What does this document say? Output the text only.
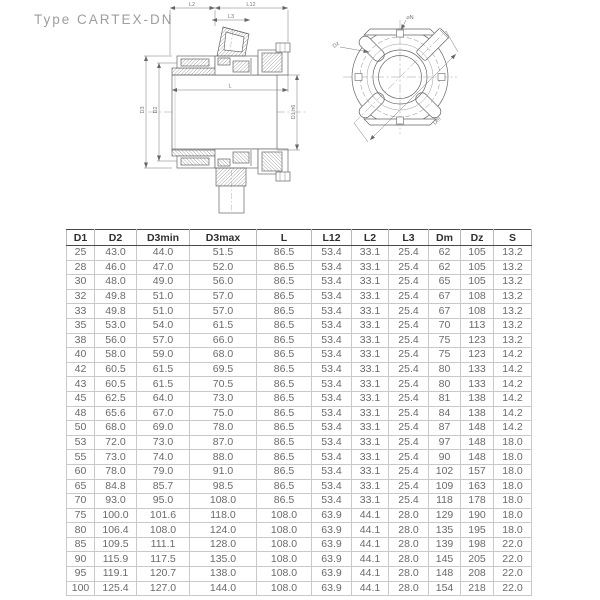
Type CARTEX-DN
L2	L12
L3
L
D3 D2	D1 h6
Dz
Dm
⌀N
D1	D2	D3min	D3max	L	L12	L2	L3	Dm	Dz	S
25	43.0	44.0	51.5	86.5	53.4	33.1	25.4	62	105	13.2
28	46.0	47.0	52.0	86.5	53.4	33.1	25.4	62	105	13.2
30	48.0	49.0	56.0	86.5	53.4	33.1	25.4	65	105	13.2
32	49.8	51.0	57.0	86.5	53.4	33.1	25.4	67	108	13.2
33	49.8	51.0	57.0	86.5	53.4	33.1	25.4	67	108	13.2
35	53.0	54.0	61.5	86.5	53.4	33.1	25.4	70	113	13.2
38	56.0	57.0	66.0	86.5	53.4	33.1	25.4	75	123	13.2
40	58.0	59.0	68.0	86.5	53.4	33.1	25.4	75	123	14.2
42	60.5	61.5	69.5	86.5	53.4	33.1	25.4	80	133	14.2
43	60.5	61.5	70.5	86.5	53.4	33.1	25.4	80	133	14.2
45	62.5	64.0	73.0	86.5	53.4	33.1	25.4	81	138	14.2
48	65.6	67.0	75.0	86.5	53.4	33.1	25.4	84	138	14.2
50	68.0	69.0	78.0	86.5	53.4	33.1	25.4	87	148	14.2
53	72.0	73.0	87.0	86.5	53.4	33.1	25.4	97	148	18.0
55	73.0	74.0	88.0	86.5	53.4	33.1	25.4	90	148	18.0
60	78.0	79.0	91.0	86.5	53.4	33.1	25.4	102	157	18.0
65	84.8	85.7	98.5	86.5	53.4	33.1	25.4	109	163	18.0
70	93.0	95.0	108.0	86.5	53.4	33.1	25.4	118	178	18.0
75	100.0	101.6	118.0	108.0	63.9	44.1	28.0	129	190	18.0
80	106.4	108.0	124.0	108.0	63.9	44.1	28.0	135	195	18.0
85	109.5	111.1	128.0	108.0	63.9	44.1	28.0	139	198	22.0
90	115.9	117.5	135.0	108.0	63.9	44.1	28.0	145	205	22.0
95	119.1	120.7	138.0	108.0	63.9	44.1	28.0	148	208	22.0
100	125.4	127.0	144.0	108.0	63.9	44.1	28.0	154	218	22.0
